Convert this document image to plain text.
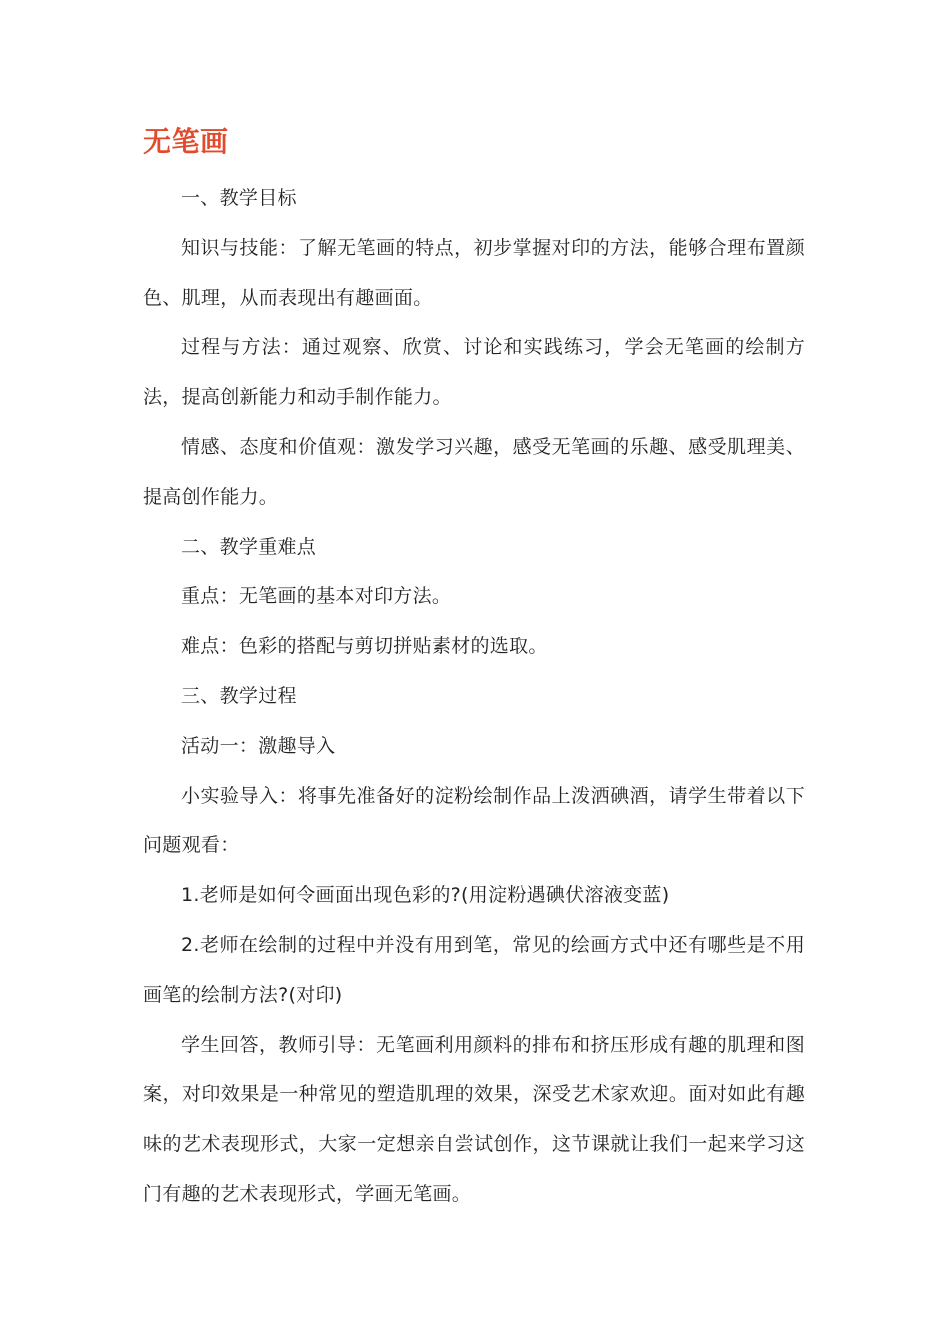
无笔画

一、教学目标

知识与技能：了解无笔画的特点，初步掌握对印的方法，能够合理布置颜色、肌理，从而表现出有趣画面。

过程与方法：通过观察、欣赏、讨论和实践练习，学会无笔画的绘制方法，提高创新能力和动手制作能力。

情感、态度和价值观：激发学习兴趣，感受无笔画的乐趣、感受肌理美、提高创作能力。

二、教学重难点

重点：无笔画的基本对印方法。

难点：色彩的搭配与剪切拼贴素材的选取。

三、教学过程

活动一：激趣导入

小实验导入：将事先准备好的淀粉绘制作品上泼洒碘酒，请学生带着以下问题观看：

1.老师是如何令画面出现色彩的?(用淀粉遇碘伏溶液变蓝)

2.老师在绘制的过程中并没有用到笔，常见的绘画方式中还有哪些是不用画笔的绘制方法?(对印)

学生回答，教师引导：无笔画利用颜料的排布和挤压形成有趣的肌理和图案，对印效果是一种常见的塑造肌理的效果，深受艺术家欢迎。面对如此有趣味的艺术表现形式，大家一定想亲自尝试创作，这节课就让我们一起来学习这门有趣的艺术表现形式，学画无笔画。
